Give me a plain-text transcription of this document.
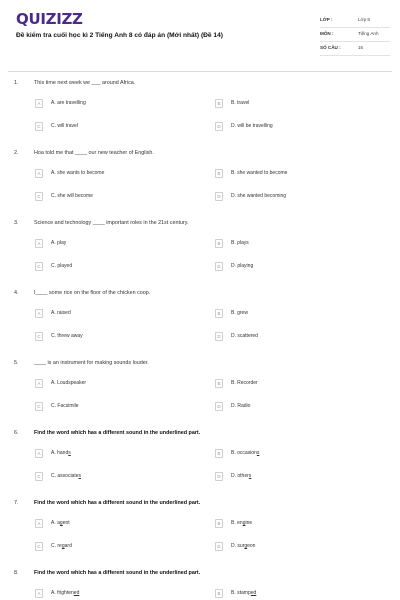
QUIZIZZ
Đề kiểm tra cuối học kì 2 Tiếng Anh 8 có đáp án (Mới nhất) (Đề 14)
LỚP :	Lớp 8
MÔN :	Tiếng Anh
SỐ CÂU :	16
1.	This time next week we ___ around Africa.
A	A. are travelling	B	B. travel
C	C. will travel	D	D. will be travelling
2.	Hoa told me that ____ our new teacher of English.
A	A. she wants to become	B	B. she wanted to become
C	C. she will become	D	D. she wanted becoming
3.	Science and technology ____ important roles in the 21st century.
A	A. play	B	B. plays
C	C. played	D	D. playing
4.	I____ some rice on the floor of the chicken coop.
A	A. raised	B	B. grew
C	C. threw away	D	D. scattered
5.	____ is an instrument for making sounds louder.
A	A. Loudspeaker	B	B. Recorder
C	C. Facsimile	D	D. Radio
6.	Find the word which has a different sound in the underlined part.
A	A. hands	B	B. occasions
C	C. associates	D	D. others
7.	Find the word which has a different sound in the underlined part.
A	A. agent	B	B. engine
C	C. regard	D	D. surgeon
8.	Find the word which has a different sound in the underlined part.
A	A. frightened	B	B. stamped
